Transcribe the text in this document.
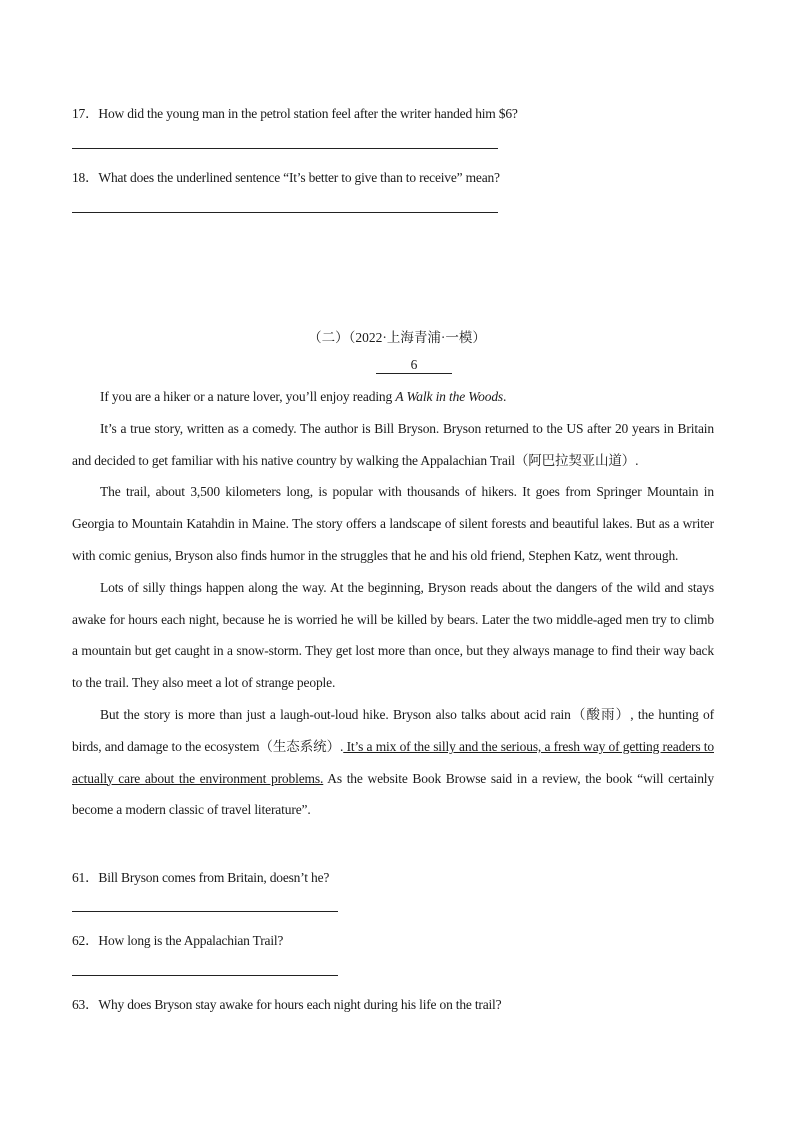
17．How did the young man in the petrol station feel after the writer handed him $6?
18．What does the underlined sentence “It’s better to give than to receive” mean?
（二）（2022·上海青浦·一模）
6

If you are a hiker or a nature lover, you’ll enjoy reading A Walk in the Woods.

It’s a true story, written as a comedy. The author is Bill Bryson. Bryson returned to the US after 20 years in Britain and decided to get familiar with his native country by walking the Appalachian Trail（阿巴拉契亚山道）.

The trail, about 3,500 kilometers long, is popular with thousands of hikers. It goes from Springer Mountain in Georgia to Mountain Katahdin in Maine. The story offers a landscape of silent forests and beautiful lakes. But as a writer with comic genius, Bryson also finds humor in the struggles that he and his old friend, Stephen Katz, went through.

Lots of silly things happen along the way. At the beginning, Bryson reads about the dangers of the wild and stays awake for hours each night, because he is worried he will be killed by bears. Later the two middle-aged men try to climb a mountain but get caught in a snow-storm. They get lost more than once, but they always manage to find their way back to the trail. They also meet a lot of strange people.

But the story is more than just a laugh-out-loud hike. Bryson also talks about acid rain（酸雨）, the hunting of birds, and damage to the ecosystem（生态系统）. It’s a mix of the silly and the serious, a fresh way of getting readers to actually care about the environment problems. As the website Book Browse said in a review, the book “will certainly become a modern classic of travel literature”.

61．Bill Bryson comes from Britain, doesn’t he?
62．How long is the Appalachian Trail?
63．Why does Bryson stay awake for hours each night during his life on the trail?
